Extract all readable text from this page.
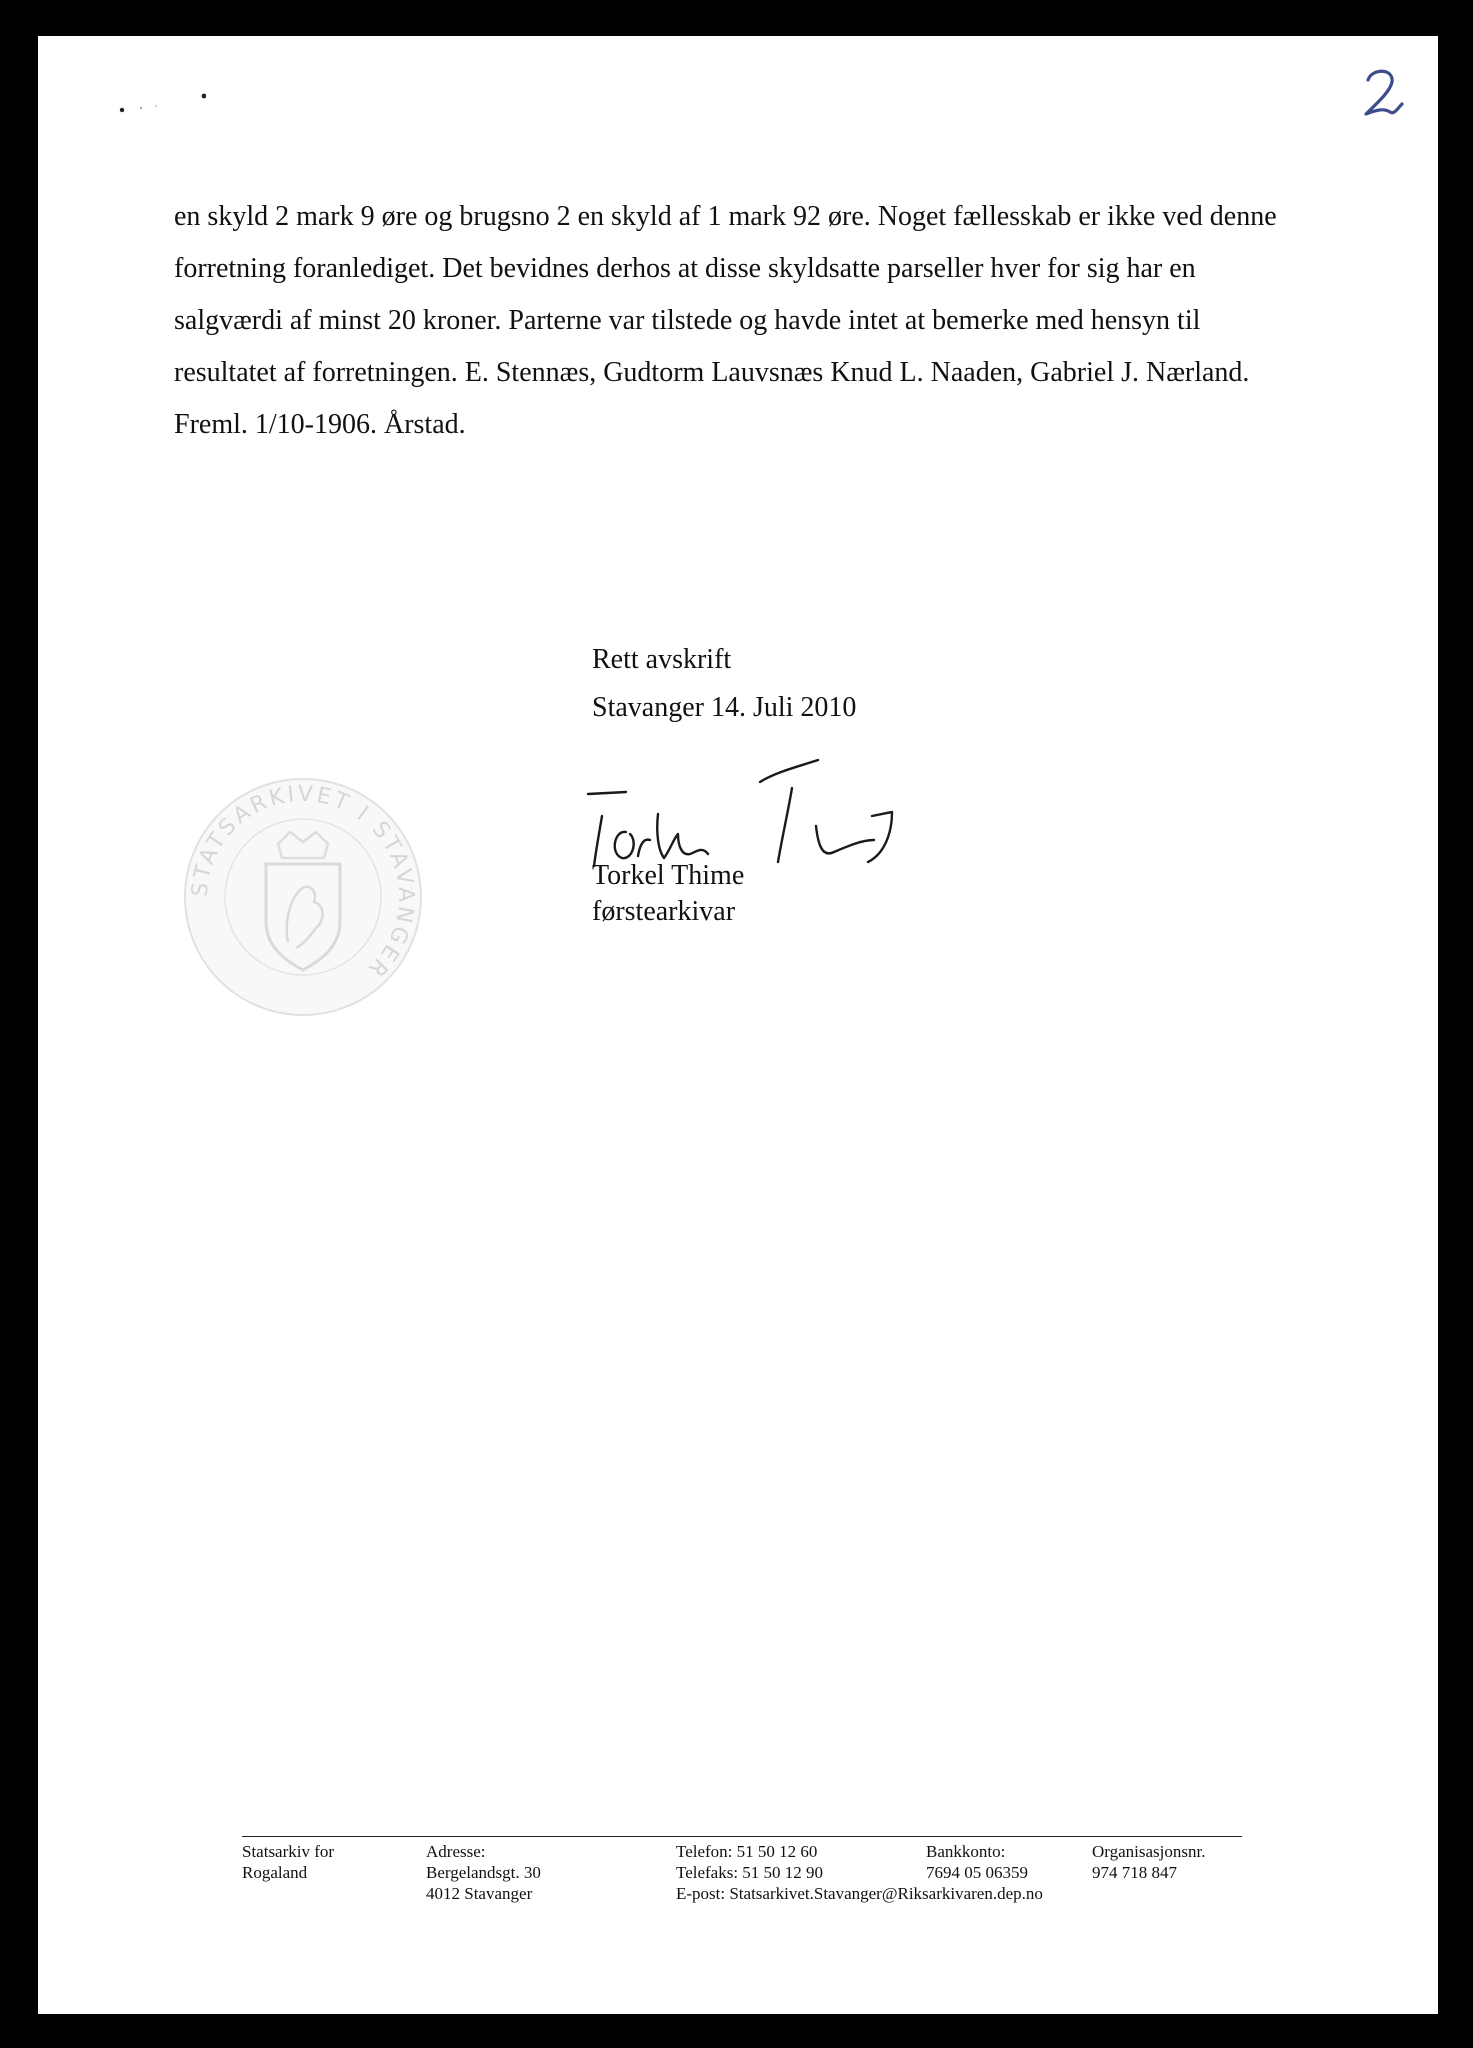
en skyld 2 mark 9 øre og brugsno 2 en skyld af 1 mark 92 øre. Noget fællesskab er ikke ved denne

forretning foranlediget. Det bevidnes derhos at disse skyldsatte parseller hver for sig har en

salgværdi af minst 20 kroner. Parterne var tilstede og havde intet at bemerke med hensyn til

resultatet af forretningen. E. Stennæs, Gudtorm Lauvsnæs Knud L. Naaden, Gabriel J. Nærland.

Freml. 1/10-1906. Årstad.

Rett avskrift

Stavanger 14. Juli 2010

Torkel Thime

førstearkivar

STATSARKIVET I STAVANGER

Statsarkiv for

Rogaland

Adresse:

Bergelandsgt. 30

4012 Stavanger

Telefon: 51 50 12 60

Telefaks: 51 50 12 90

E-post: Statsarkivet.Stavanger@Riksarkivaren.dep.no

Bankkonto:

7694 05 06359

Organisasjonsnr.

974 718 847
